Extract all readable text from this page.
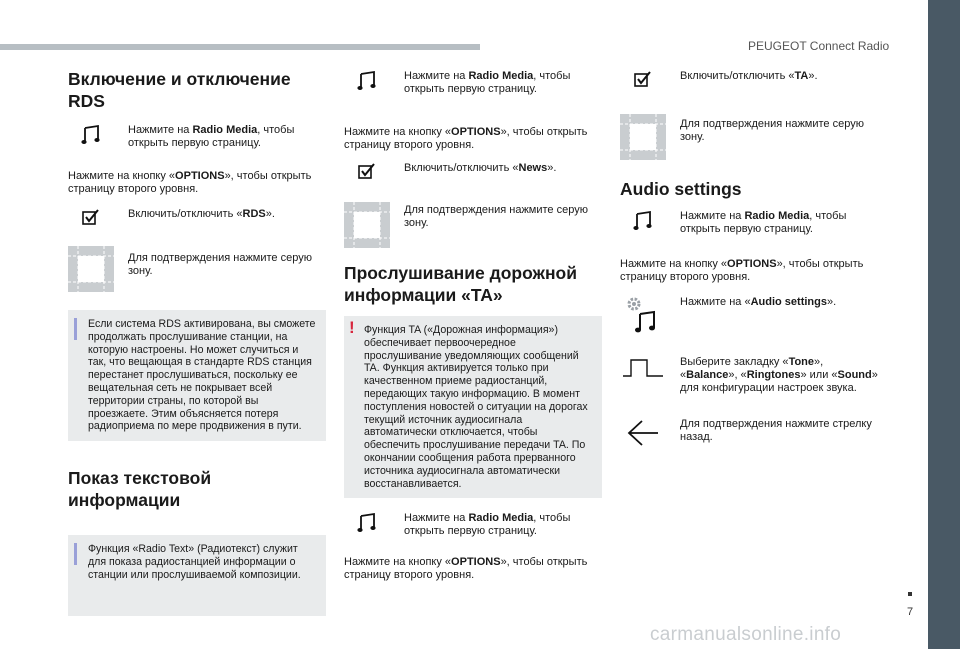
PEUGEOT Connect Radio
7
carmanualsonline.info
Включение и отключение RDS
Нажмите на Radio Media, чтобы открыть первую страницу.
Нажмите на кнопку «OPTIONS», чтобы открыть страницу второго уровня.
Включить/отключить «RDS».
Для подтверждения нажмите серую зону.
Если система RDS активирована, вы сможете продолжать прослушивание станции, на которую настроены. Но может случиться и так, что вещающая в стандарте RDS станция перестанет прослушиваться, поскольку ее вещательная сеть не покрывает всей территории страны, по которой вы проезжаете. Этим объясняется потеря радиоприема по мере продвижения в пути.
Показ текстовой информации
Функция «Radio Text» (Радиотекст) служит для показа радиостанцией информации о станции или прослушиваемой композиции.
Нажмите на Radio Media, чтобы открыть первую страницу.
Нажмите на кнопку «OPTIONS», чтобы открыть страницу второго уровня.
Включить/отключить «News».
Для подтверждения нажмите серую зону.
Прослушивание дорожной информации «TA»
! Функция TA («Дорожная информация») обеспечивает первоочередное прослушивание уведомляющих сообщений TA. Функция активируется только при качественном приеме радиостанций, передающих такую информацию. В момент поступления новостей о ситуации на дорогах текущий источник аудиосигнала автоматически отключается, чтобы обеспечить прослушивание передачи TA. По окончании сообщения работа прерванного источника аудиосигнала автоматически восстанавливается.
Нажмите на Radio Media, чтобы открыть первую страницу.
Нажмите на кнопку «OPTIONS», чтобы открыть страницу второго уровня.
Включить/отключить «TA».
Для подтверждения нажмите серую зону.
Audio settings
Нажмите на Radio Media, чтобы открыть первую страницу.
Нажмите на кнопку «OPTIONS», чтобы открыть страницу второго уровня.
Нажмите на «Audio settings».
Выберите закладку «Tone», «Balance», «Ringtones» или «Sound» для конфигурации настроек звука.
Для подтверждения нажмите стрелку назад.
